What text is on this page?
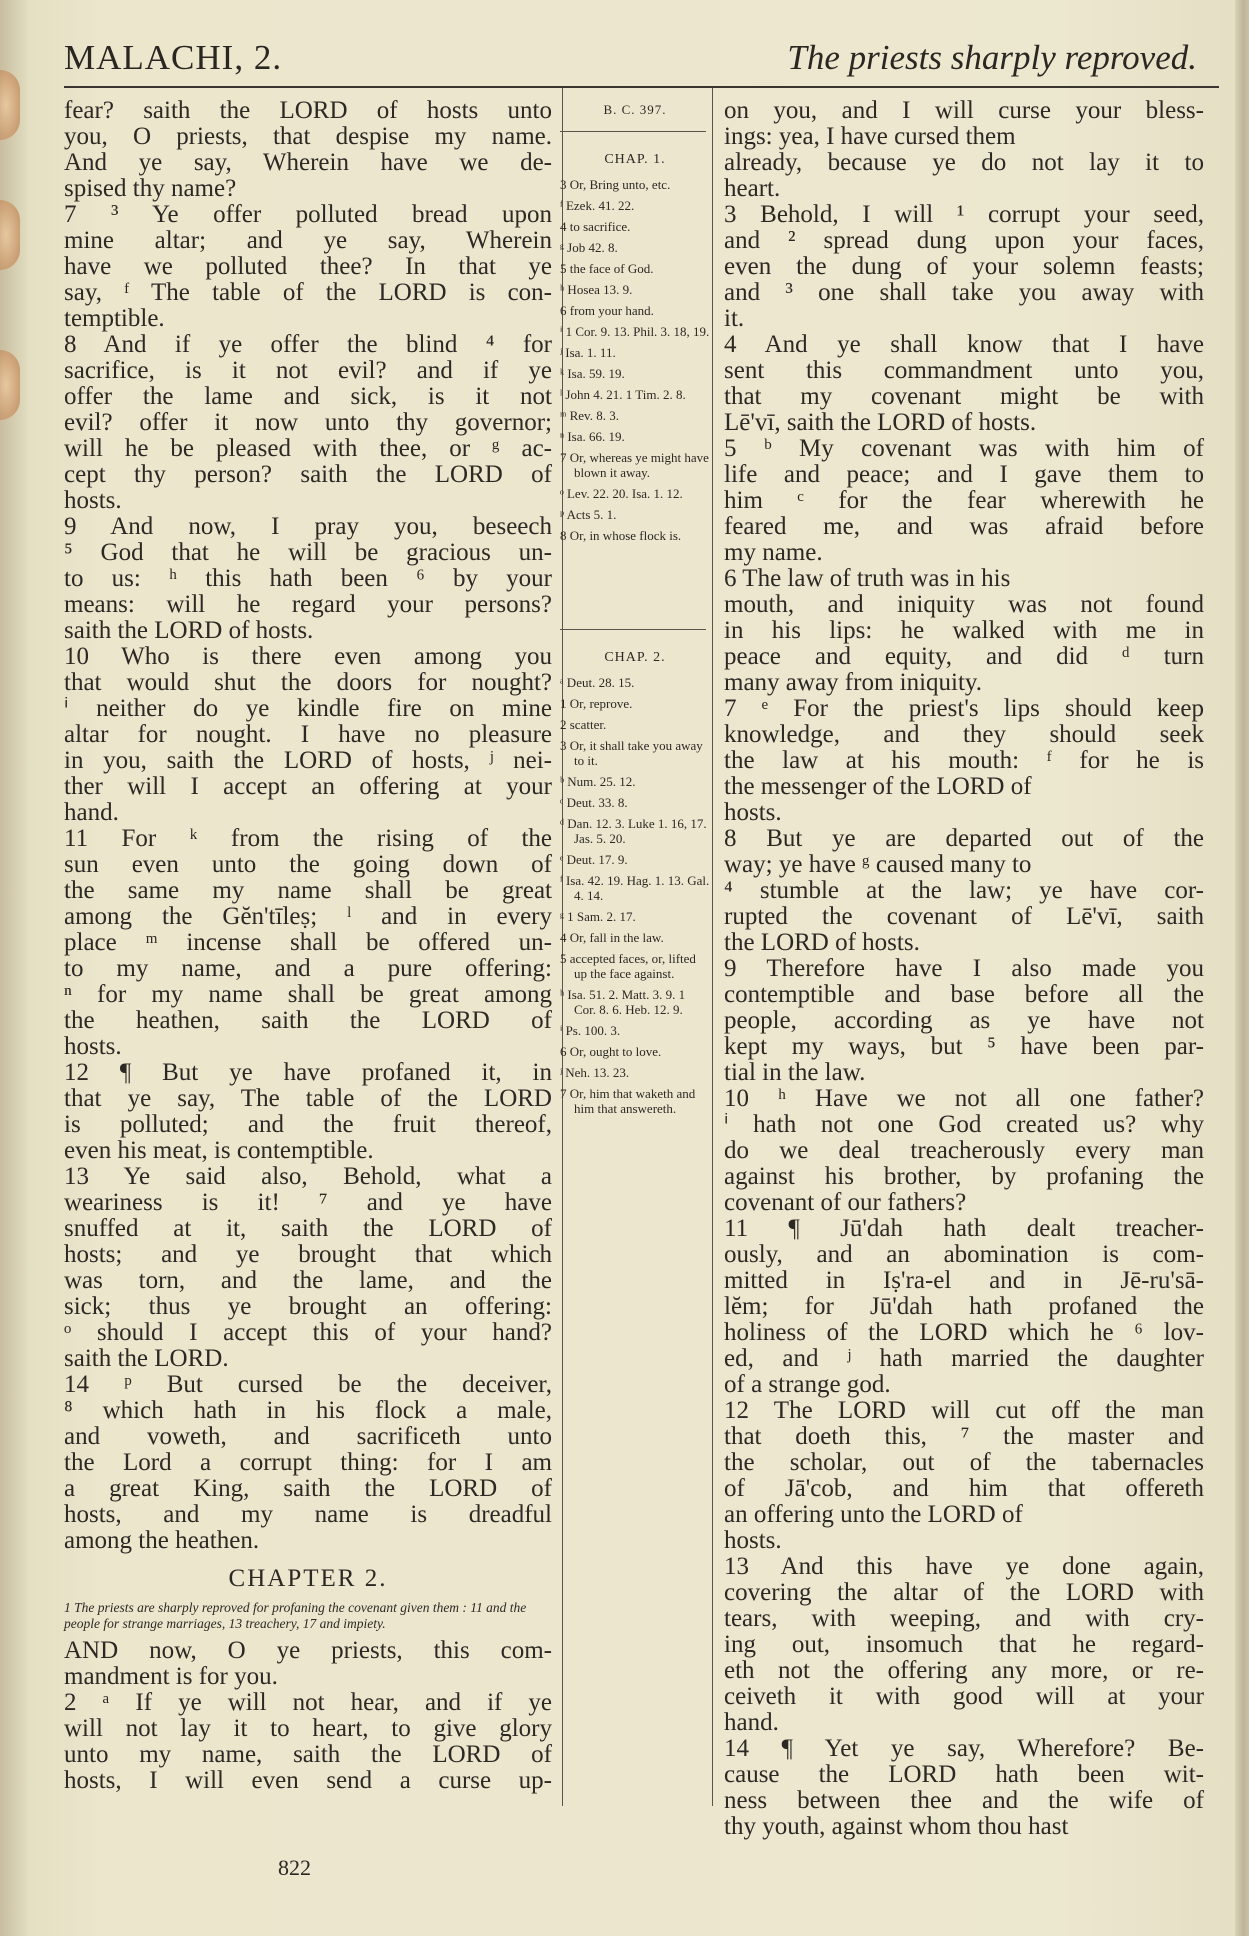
MALACHI, 2.	The priests sharply reproved.
fear? saith the LORD of hosts unto
you, O priests, that despise my name.
And ye say, Wherein have we de-
spised thy name?
7 ³ Ye offer polluted bread upon
mine altar; and ye say, Wherein
have we polluted thee? In that ye
say, ᶠ The table of the LORD is con-
temptible.
8 And if ye offer the blind ⁴ for
sacrifice, is it not evil? and if ye
offer the lame and sick, is it not
evil? offer it now unto thy governor;
will he be pleased with thee, or ᵍ ac-
cept thy person? saith the LORD of
hosts.
9 And now, I pray you, beseech
⁵ God that he will be gracious un-
to us: ʰ this hath been ⁶ by your
means: will he regard your persons?
saith the LORD of hosts.
10 Who is there even among you
that would shut the doors for nought?
ⁱ neither do ye kindle fire on mine
altar for nought. I have no pleasure
in you, saith the LORD of hosts, ʲ nei-
ther will I accept an offering at your
hand.
11 For ᵏ from the rising of the
sun even unto the going down of
the same my name shall be great
among the Gĕn'tīleṣ; ˡ and in every
place ᵐ incense shall be offered un-
to my name, and a pure offering:
ⁿ for my name shall be great among
the heathen, saith the LORD of
hosts.
12 ¶ But ye have profaned it, in
that ye say, The table of the LORD
is polluted; and the fruit thereof,
even his meat, is contemptible.
13 Ye said also, Behold, what a
weariness is it! ⁷ and ye have
snuffed at it, saith the LORD of
hosts; and ye brought that which
was torn, and the lame, and the
sick; thus ye brought an offering:
ᵒ should I accept this of your hand?
saith the LORD.
14 ᵖ But cursed be the deceiver,
⁸ which hath in his flock a male,
and voweth, and sacrificeth unto
the Lord a corrupt thing: for I am
a great King, saith the LORD of
hosts, and my name is dreadful
among the heathen.
CHAPTER 2.
1 The priests are sharply reproved for profaning the covenant given them : 11 and the people for strange marriages, 13 treachery, 17 and impiety.
AND now, O ye priests, this com-
mandment is for you.
2 ᵃ If ye will not hear, and if ye
will not lay it to heart, to give glory
unto my name, saith the LORD of
hosts, I will even send a curse up-
B. C. 397.
CHAP. 1.
3 Or, Bring unto, etc.
ᶠ Ezek. 41. 22.
4 to sacrifice.
ᵍ Job 42. 8.
5 the face of God.
ʰ Hosea 13. 9.
6 from your hand.
ⁱ 1 Cor. 9. 13. Phil. 3. 18, 19.
ʲ Isa. 1. 11.
ᵏ Isa. 59. 19.
ˡ John 4. 21. 1 Tim. 2. 8.
ᵐ Rev. 8. 3.
ⁿ Isa. 66. 19.
7 Or, whereas ye might have blown it away.
ᵒ Lev. 22. 20. Isa. 1. 12.
ᵖ Acts 5. 1.
8 Or, in whose flock is.
CHAP. 2.
ᵃ Deut. 28. 15.
1 Or, reprove.
2 scatter.
3 Or, it shall take you away to it.
ᵇ Num. 25. 12.
ᶜ Deut. 33. 8.
ᵈ Dan. 12. 3. Luke 1. 16, 17. Jas. 5. 20.
ᵉ Deut. 17. 9.
ᶠ Isa. 42. 19. Hag. 1. 13. Gal. 4. 14.
ᵍ 1 Sam. 2. 17.
4 Or, fall in the law.
5 accepted faces, or, lifted up the face against.
ʰ Isa. 51. 2. Matt. 3. 9. 1 Cor. 8. 6. Heb. 12. 9.
ⁱ Ps. 100. 3.
6 Or, ought to love.
ʲ Neh. 13. 23.
7 Or, him that waketh and him that answereth.
on you, and I will curse your bless-
ings: yea, I have cursed them
already, because ye do not lay it to
heart.
3 Behold, I will ¹ corrupt your seed,
and ² spread dung upon your faces,
even the dung of your solemn feasts;
and ³ one shall take you away with
it.
4 And ye shall know that I have
sent this commandment unto you,
that my covenant might be with
Lē'vī, saith the LORD of hosts.
5 ᵇ My covenant was with him of
life and peace; and I gave them to
him ᶜ for the fear wherewith he
feared me, and was afraid before
my name.
6 The law of truth was in his
mouth, and iniquity was not found
in his lips: he walked with me in
peace and equity, and did ᵈ turn
many away from iniquity.
7 ᵉ For the priest's lips should keep
knowledge, and they should seek
the law at his mouth: ᶠ for he is
the messenger of the LORD of
hosts.
8 But ye are departed out of the
way; ye have ᵍ caused many to
⁴ stumble at the law; ye have cor-
rupted the covenant of Lē'vī, saith
the LORD of hosts.
9 Therefore have I also made you
contemptible and base before all the
people, according as ye have not
kept my ways, but ⁵ have been par-
tial in the law.
10 ʰ Have we not all one father?
ⁱ hath not one God created us? why
do we deal treacherously every man
against his brother, by profaning the
covenant of our fathers?
11 ¶ Jū'dah hath dealt treacher-
ously, and an abomination is com-
mitted in Iṣ'ra-el and in Jē-ru'sā-
lĕm; for Jū'dah hath profaned the
holiness of the LORD which he ⁶ lov-
ed, and ʲ hath married the daughter
of a strange god.
12 The LORD will cut off the man
that doeth this, ⁷ the master and
the scholar, out of the tabernacles
of Jā'cob, and him that offereth
an offering unto the LORD of
hosts.
13 And this have ye done again,
covering the altar of the LORD with
tears, with weeping, and with cry-
ing out, insomuch that he regard-
eth not the offering any more, or re-
ceiveth it with good will at your
hand.
14 ¶ Yet ye say, Wherefore? Be-
cause the LORD hath been wit-
ness between thee and the wife of
thy youth, against whom thou hast
822
